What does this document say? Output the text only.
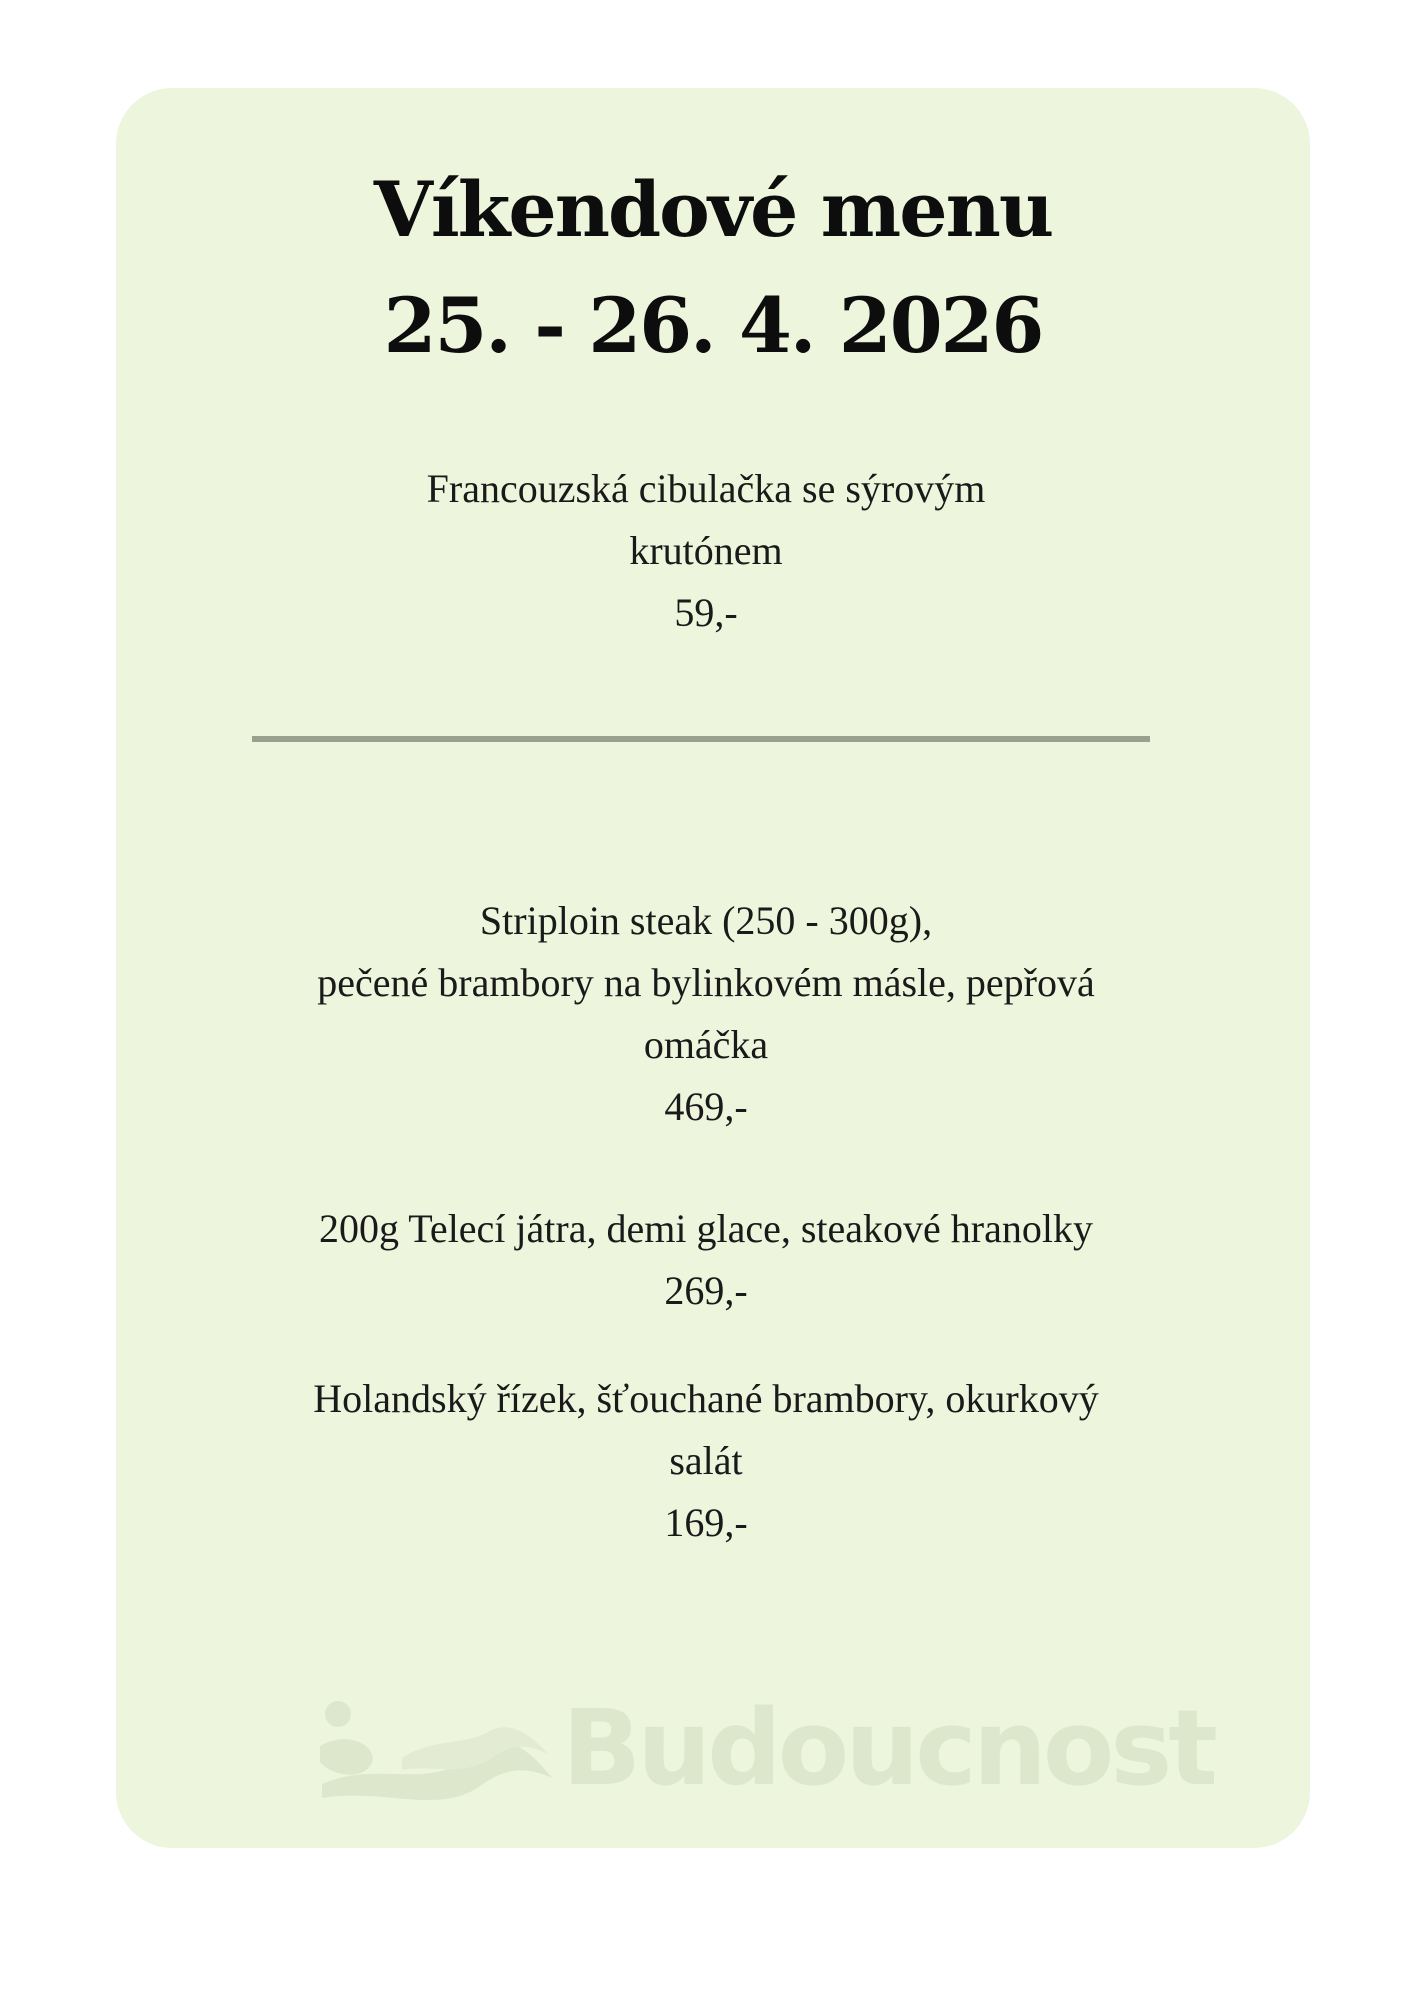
Víkendové menu
25. - 26. 4. 2026
Francouzská cibulačka se sýrovým
krutónem
59,-
Striploin steak (250 - 300g),
pečené brambory na bylinkovém másle, pepřová
omáčka
469,-
200g Telecí játra, demi glace, steakové hranolky
269,-
Holandský řízek, šťouchané brambory, okurkový
salát
169,-
Budoucnost
